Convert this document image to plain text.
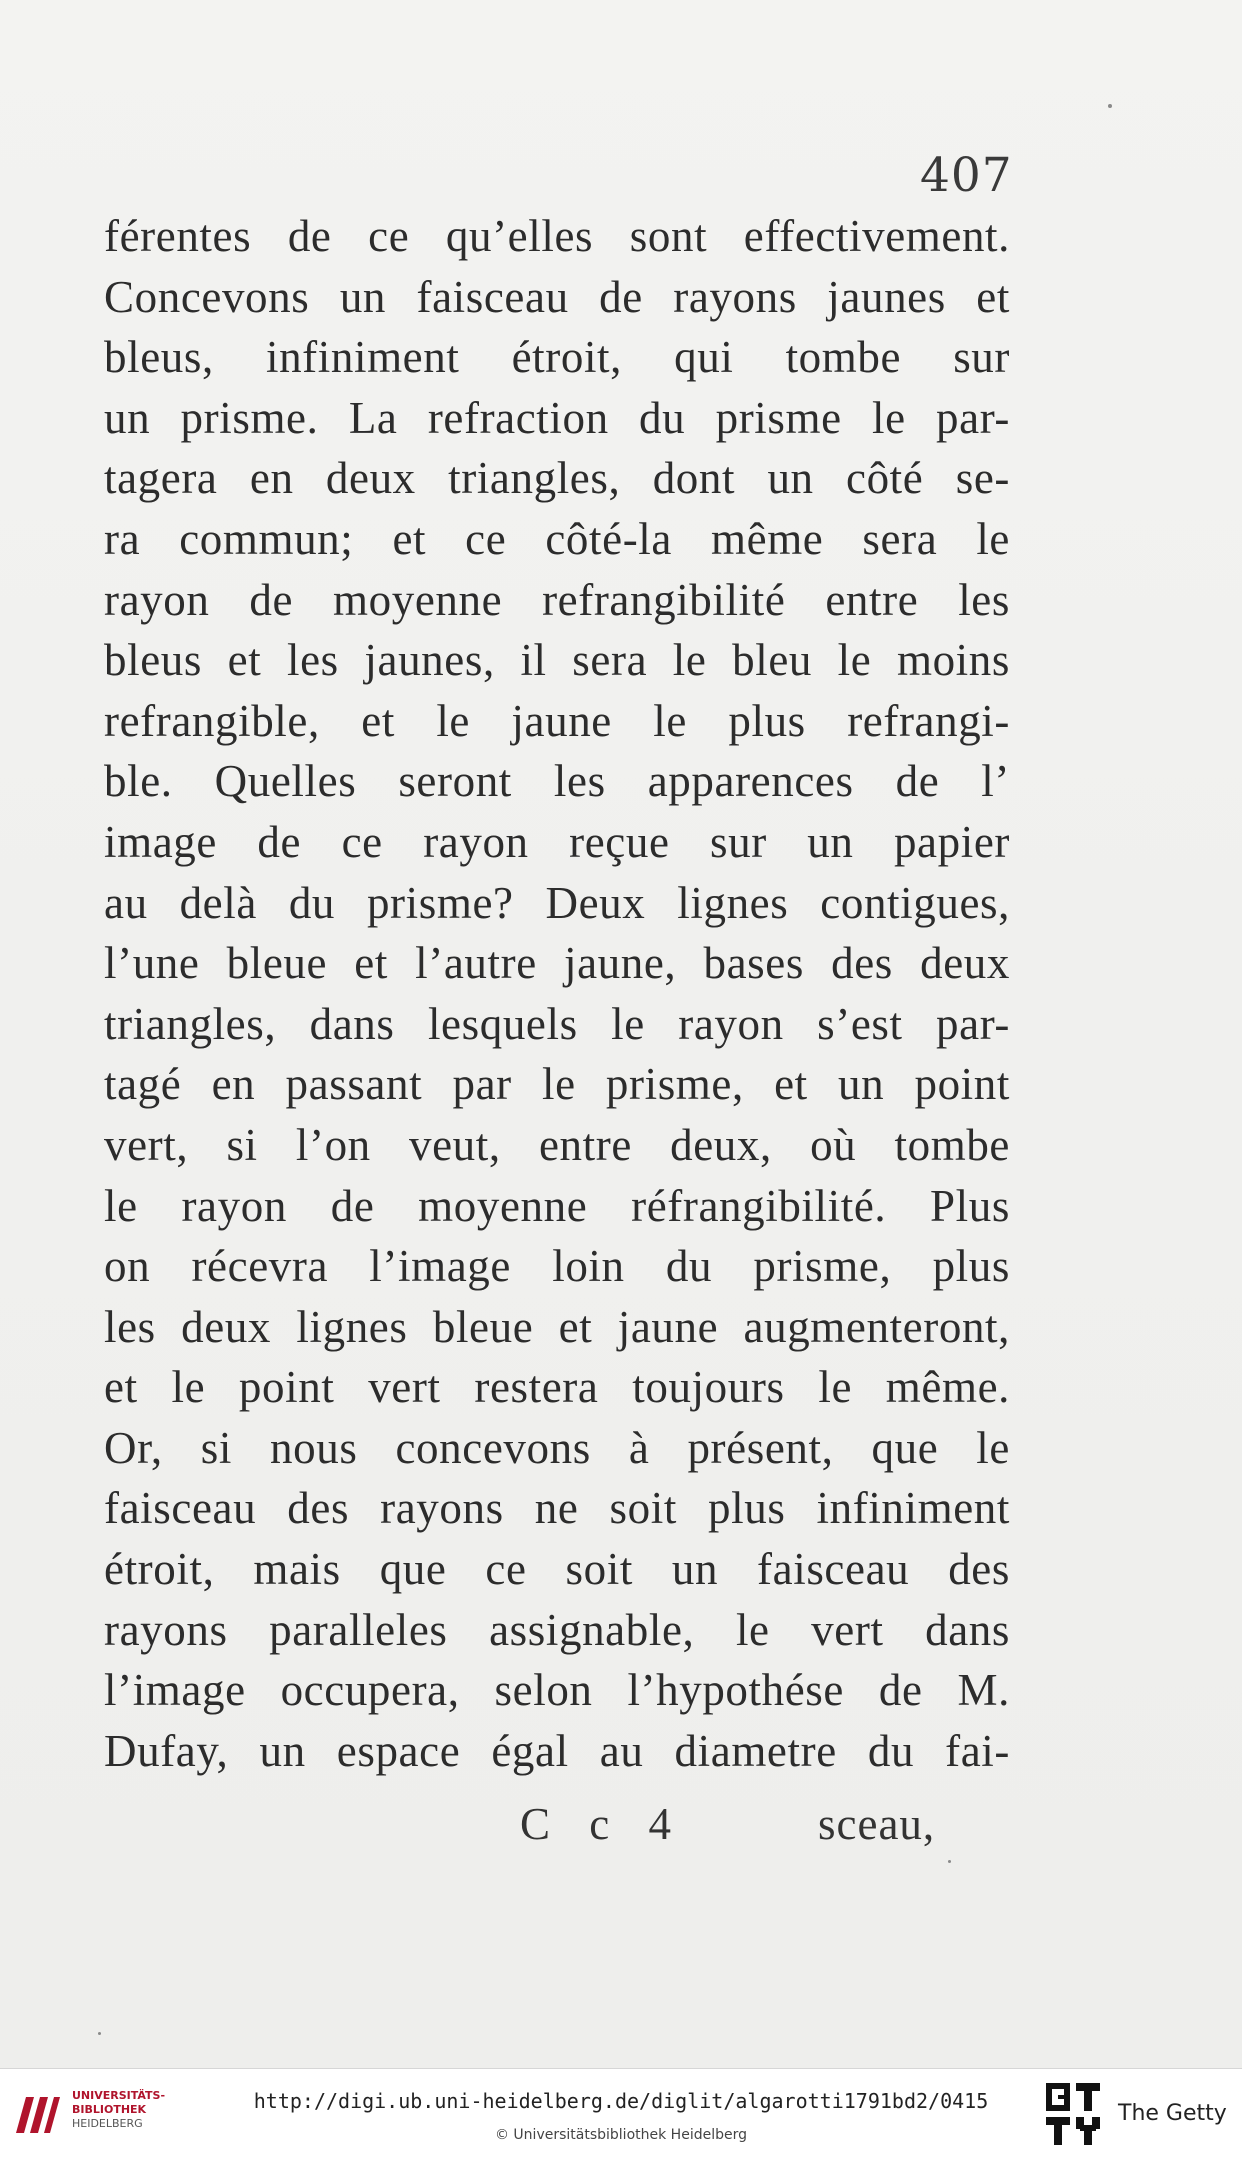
407
férentes de ce qu’elles sont effectivement.
Concevons un faisceau de rayons jaunes et
bleus, infiniment étroit, qui tombe sur
un prisme. La refraction du prisme le par-
tagera en deux triangles, dont un côté se-
ra commun; et ce côté-la même sera le
rayon de moyenne refrangibilité entre les
bleus et les jaunes, il sera le bleu le moins
refrangible, et le jaune le plus refrangi-
ble. Quelles seront les apparences de l’
image de ce rayon reçue sur un papier
au delà du prisme? Deux lignes contigues,
l’une bleue et l’autre jaune, bases des deux
triangles, dans lesquels le rayon s’est par-
tagé en passant par le prisme, et un point
vert, si l’on veut, entre deux, où tombe
le rayon de moyenne réfrangibilité. Plus
on récevra l’image loin du prisme, plus
les deux lignes bleue et jaune augmenteront,
et le point vert restera toujours le même.
Or, si nous concevons à présent, que le
faisceau des rayons ne soit plus infiniment
étroit, mais que ce soit un faisceau des
rayons paralleles assignable, le vert dans
l’image occupera, selon l’hypothése de M.
Dufay, un espace égal au diametre du fai-
C c 4	sceau,
UNIVERSITÄTS-
BIBLIOTHEK
HEIDELBERG
http://digi.ub.uni-heidelberg.de/diglit/algarotti1791bd2/0415
© Universitätsbibliothek Heidelberg
The Getty
